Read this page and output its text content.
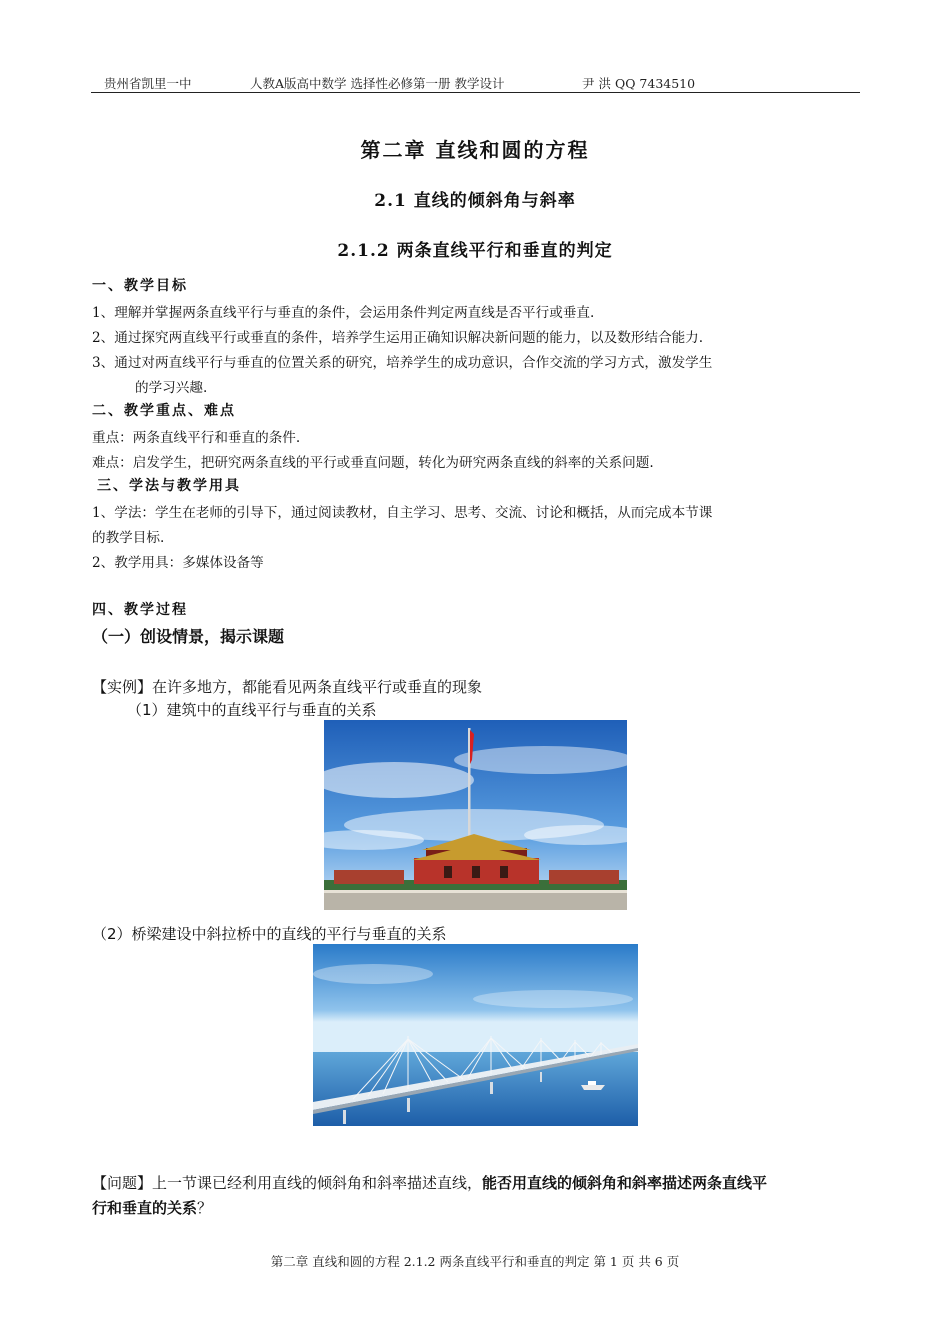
贵州省凯里一中	人教A版高中数学 选择性必修第一册 教学设计	尹 洪 QQ 7434510
第二章 直线和圆的方程
2.1 直线的倾斜角与斜率
2.1.2 两条直线平行和垂直的判定
一、教学目标
1、理解并掌握两条直线平行与垂直的条件，会运用条件判定两直线是否平行或垂直.
2、通过探究两直线平行或垂直的条件，培养学生运用正确知识解决新问题的能力，以及数形结合能力.
3、通过对两直线平行与垂直的位置关系的研究，培养学生的成功意识，合作交流的学习方式，激发学生
的学习兴趣.
二、教学重点、难点
重点：两条直线平行和垂直的条件.
难点：启发学生，把研究两条直线的平行或垂直问题，转化为研究两条直线的斜率的关系问题.
三、学法与教学用具
1、学法：学生在老师的引导下，通过阅读教材，自主学习、思考、交流、讨论和概括，从而完成本节课
的教学目标.
2、教学用具：多媒体设备等
四、教学过程
（一）创设情景，揭示课题
【实例】在许多地方，都能看见两条直线平行或垂直的现象
（1）建筑中的直线平行与垂直的关系
（2）桥梁建设中斜拉桥中的直线的平行与垂直的关系
【问题】上一节课已经利用直线的倾斜角和斜率描述直线，能否用直线的倾斜角和斜率描述两条直线平
行和垂直的关系？
第二章 直线和圆的方程 2.1.2 两条直线平行和垂直的判定 第 1 页 共 6 页
